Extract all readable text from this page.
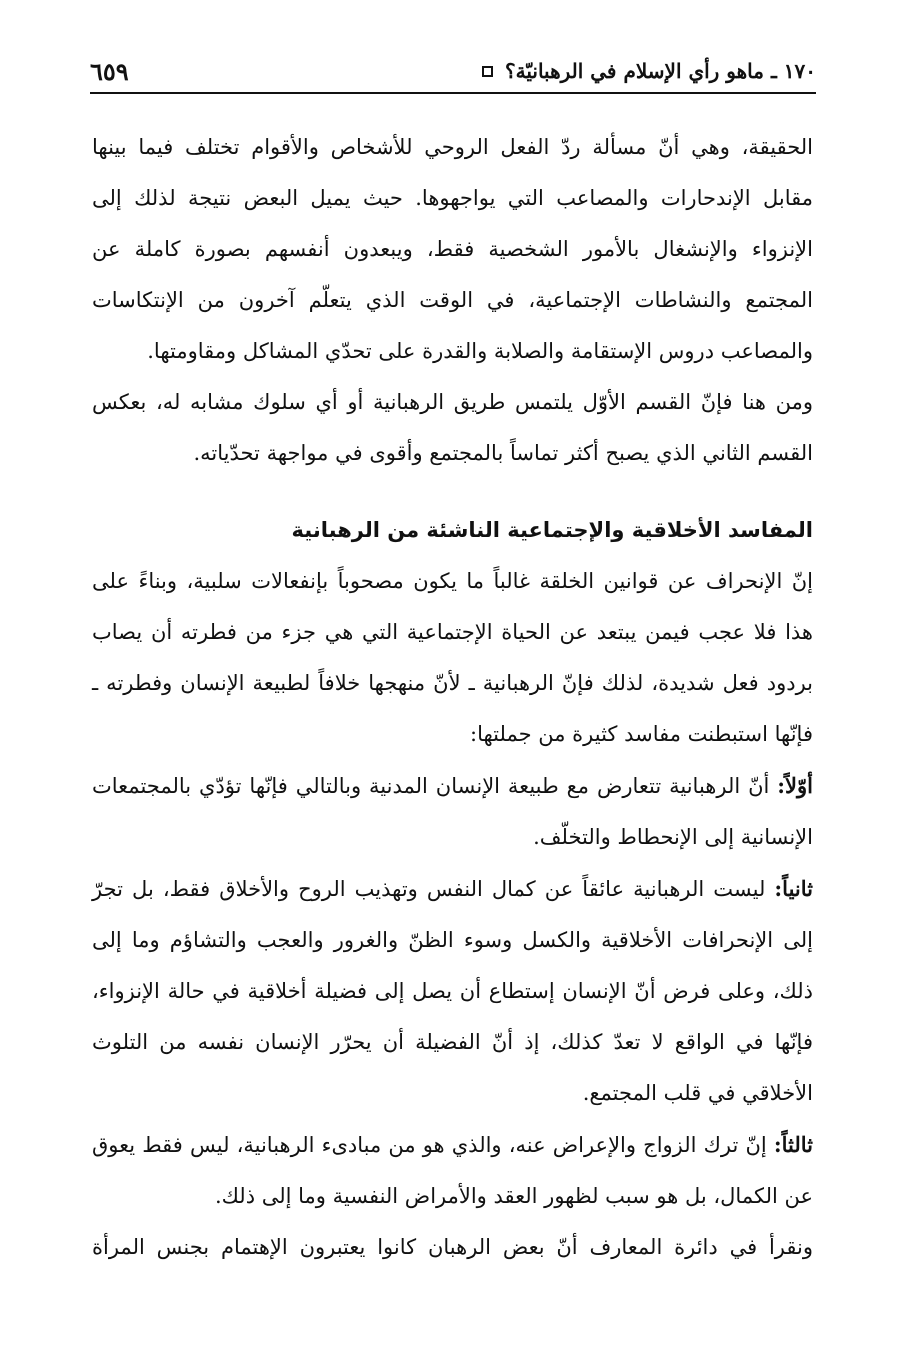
١٧٠ ـ ماهو رأي الإسلام في الرهبانيّة؟
٦٥٩

الحقيقة، وهي أنّ مسألة ردّ الفعل الروحي للأشخاص والأقوام تختلف فيما بينها مقابل الإندحارات والمصاعب التي يواجهوها. حيث يميل البعض نتيجة لذلك إلى الإنزواء والإنشغال بالأمور الشخصية فقط، ويبعدون أنفسهم بصورة كاملة عن المجتمع والنشاطات الإجتماعية، في الوقت الذي يتعلّم آخرون من الإنتكاسات والمصاعب دروس الإستقامة والصلابة والقدرة على تحدّي المشاكل ومقاومتها.

ومن هنا فإنّ القسم الأوّل يلتمس طريق الرهبانية أو أي سلوك مشابه له، بعكس القسم الثاني الذي يصبح أكثر تماساً بالمجتمع وأقوى في مواجهة تحدّياته.

المفاسد الأخلاقية والإجتماعية الناشئة من الرهبانية

إنّ الإنحراف عن قوانين الخلقة غالباً ما يكون مصحوباً بإنفعالات سلبية، وبناءً على هذا فلا عجب فيمن يبتعد عن الحياة الإجتماعية التي هي جزء من فطرته أن يصاب بردود فعل شديدة، لذلك فإنّ الرهبانية ـ لأنّ منهجها خلافاً لطبيعة الإنسان وفطرته ـ فإنّها استبطنت مفاسد كثيرة من جملتها:

أوّلاً: أنّ الرهبانية تتعارض مع طبيعة الإنسان المدنية وبالتالي فإنّها تؤدّي بالمجتمعات الإنسانية إلى الإنحطاط والتخلّف.

ثانياً: ليست الرهبانية عائقاً عن كمال النفس وتهذيب الروح والأخلاق فقط، بل تجرّ إلى الإنحرافات الأخلاقية والكسل وسوء الظنّ والغرور والعجب والتشاؤم وما إلى ذلك، وعلى فرض أنّ الإنسان إستطاع أن يصل إلى فضيلة أخلاقية في حالة الإنزواء، فإنّها في الواقع لا تعدّ كذلك، إذ أنّ الفضيلة أن يحرّر الإنسان نفسه من التلوث الأخلاقي في قلب المجتمع.

ثالثاً: إنّ ترك الزواج والإعراض عنه، والذي هو من مبادىء الرهبانية، ليس فقط يعوق عن الكمال، بل هو سبب لظهور العقد والأمراض النفسية وما إلى ذلك.

ونقرأ في دائرة المعارف أنّ بعض الرهبان كانوا يعتبرون الإهتمام بجنس المرأة
